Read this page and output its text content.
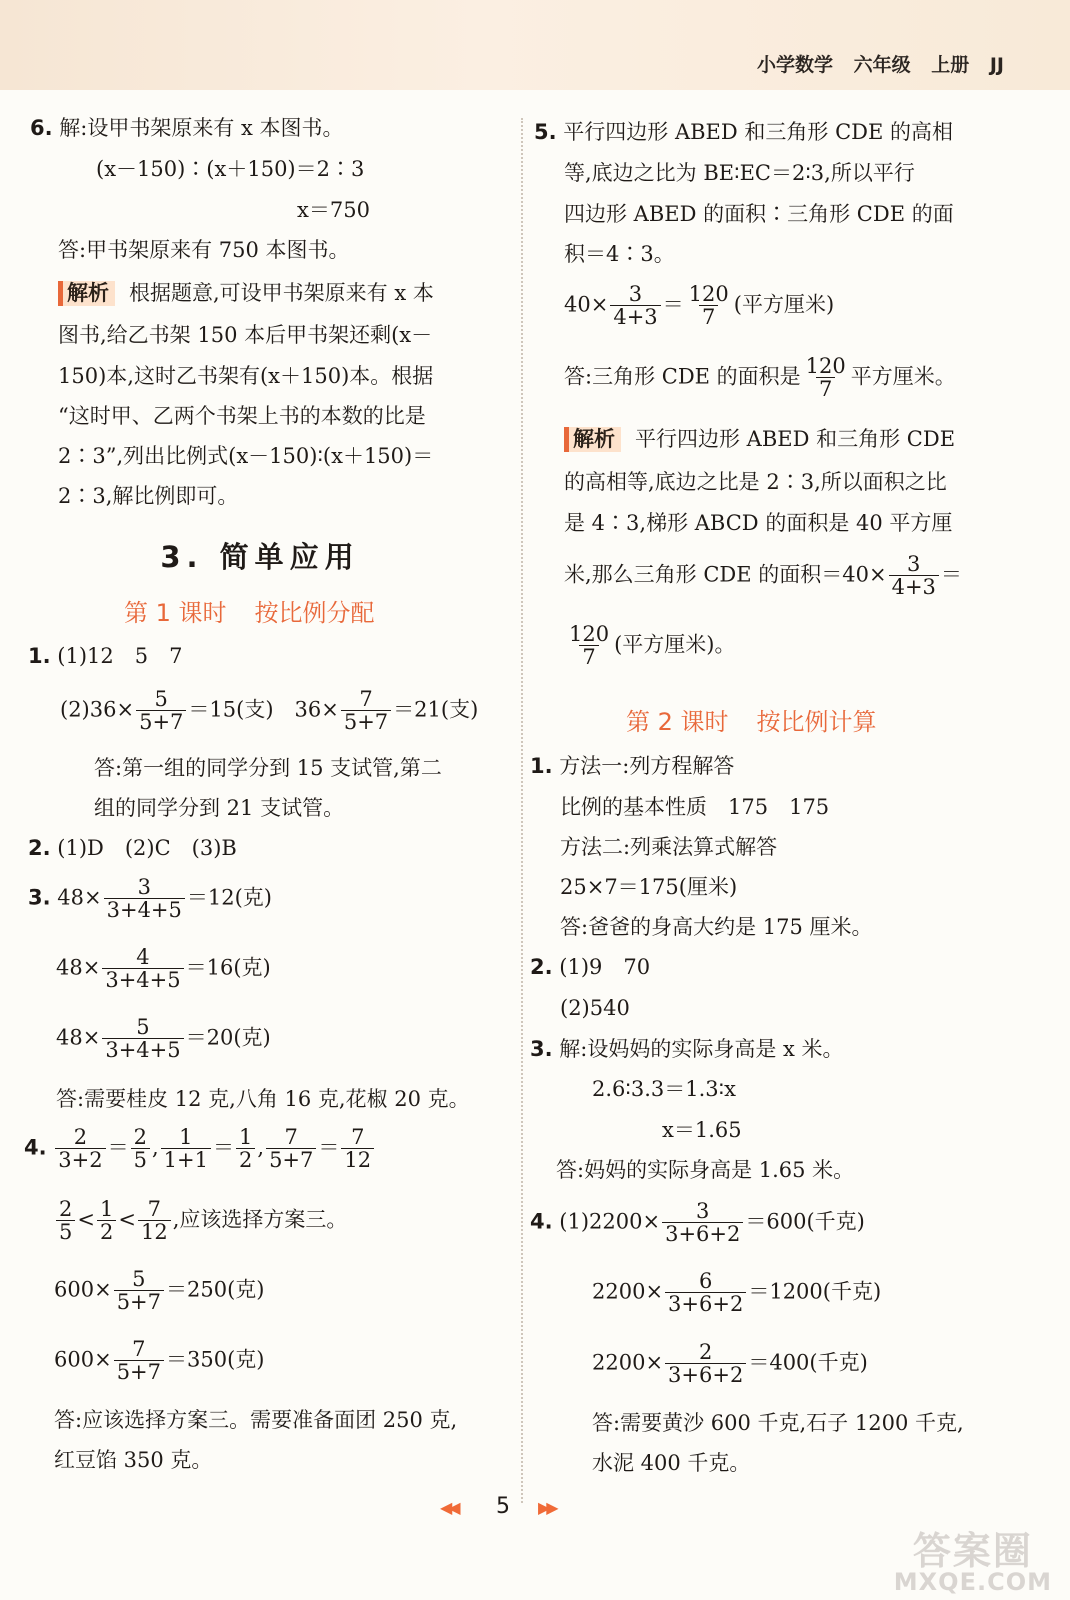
小学数学 六年级 上册 JJ
6. 解:设甲书架原来有 x 本图书。
(x－150)∶(x＋150)＝2∶3
x＝750
答:甲书架原来有 750 本图书。
解析 根据题意,可设甲书架原来有 x 本
图书,给乙书架 150 本后甲书架还剩(x－
150)本,这时乙书架有(x＋150)本。根据
“这时甲、乙两个书架上书的本数的比是
2∶3”,列出比例式(x－150)∶(x＋150)＝
2∶3,解比例即可。
3. 简单应用
第 1 课时 按比例分配
1. (1)12　5　7
$(2)36\times \frac{5}{5+7} =15$(支)　$36\times \frac{7}{5+7} =21$(支)
答:第一组的同学分到 15 支试管,第二
组的同学分到 21 支试管。
2. (1)D　(2)C　(3)B
3. $48\times \frac{3}{3+4+5} =12$(克)
$48\times \frac{4}{3+4+5} =16$(克)
$48\times \frac{5}{3+4+5} =20$(克)
答:需要桂皮 12 克,八角 16 克,花椒 20 克。
4. $\frac{2}{3+2} = \frac{2}{5}$ , $\frac{1}{1+1} = \frac{1}{2}$ , $\frac{7}{5+7} = \frac{7}{12}$
$\frac{2}{5} < \frac{1}{2} < \frac{7}{12}$ ,应该选择方案三。
$600\times \frac{5}{5+7} =250$(克)
$600\times \frac{7}{5+7} =350$(克)
答:应该选择方案三。需要准备面团 250 克,
红豆馅 350 克。
5. 平行四边形 ABED 和三角形 CDE 的高相
等,底边之比为 BE∶EC＝2∶3,所以平行
四边形 ABED 的面积∶三角形 CDE 的面
积＝4∶3。
$40\times \frac{3}{4+3} = \frac{120}{7}$ (平方厘米)
答:三角形 CDE 的面积是 $\frac{120}{7}$ 平方厘米。
解析 平行四边形 ABED 和三角形 CDE
的高相等,底边之比是 2∶3,所以面积之比
是 4∶3,梯形 ABCD 的面积是 40 平方厘
米,那么三角形 CDE 的面积$=40\times \frac{3}{4+3}$ ＝
$\frac{120}{7}$ (平方厘米)。
第 2 课时 按比例计算
1. 方法一:列方程解答
比例的基本性质　175　175
方法二:列乘法算式解答
25×7＝175(厘米)
答:爸爸的身高大约是 175 厘米。
2. (1)9　70
(2)540
3. 解:设妈妈的实际身高是 x 米。
2.6∶3.3＝1.3∶x
x＝1.65
答:妈妈的实际身高是 1.65 米。
4. $(1)2200\times \frac{3}{3+6+2} =600$(千克)
$2200\times \frac{6}{3+6+2} =1200$(千克)
$2200\times \frac{2}{3+6+2} =400$(千克)
答:需要黄沙 600 千克,石子 1200 千克,
水泥 400 千克。
◀◀ 5 ▶▶
答案圈
MXQE.COM
